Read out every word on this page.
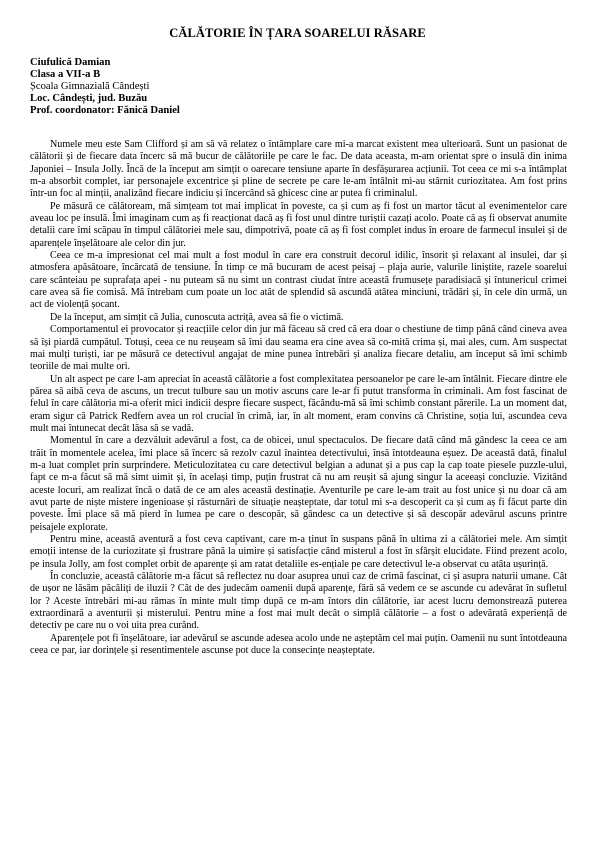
CĂLĂTORIE ÎN ȚARA SOARELUI RĂSARE
Ciufulică Damian
Clasa a VII-a B
Școala Gimnazială Cândești
Loc. Cândești, jud. Buzău
Prof. coordonator: Fănică Daniel

Numele meu este Sam Clifford și am să vă relatez o întâmplare care mi-a marcat existent mea ulterioară. Sunt un pasionat de călătorii și de fiecare data încerc să mă bucur de călătoriile pe care le fac. De data aceasta, m-am orientat spre o insulă din inima Japoniei – Insula Jolly. Încă de la început am simțit o oarecare tensiune aparte în desfășurarea acțiunii. Tot ceea ce mi s-a întâmplat m-a absorbit complet, iar personajele excentrice și pline de secrete pe care le-am întâlnit mi-au stârnit curiozitatea. Am fost prins într-un foc al minții, analizând fiecare indiciu și încercând să ghicesc cine ar putea fi criminalul.

Pe măsură ce călătoream, mă simțeam tot mai implicat în poveste, ca și cum aș fi fost un martor tăcut al evenimentelor care aveau loc pe insulă. Îmi imaginam cum aș fi reacționat dacă aș fi fost unul dintre turiștii cazați acolo. Poate că aș fi observat anumite detalii care îmi scăpau în timpul călătoriei mele sau, dimpotrivă, poate că aș fi fost complet indus în eroare de farmecul insulei și de aparențele înșelătoare ale celor din jur.

Ceea ce m-a impresionat cel mai mult a fost modul în care era construit decorul idilic, însorit și relaxant al insulei, dar și atmosfera apăsătoare, încărcată de tensiune. În timp ce mă bucuram de acest peisaj – plaja aurie, valurile liniștite, razele soarelui care scânteiau pe suprafața apei - nu puteam să nu simt un contrast ciudat între această frumusețe paradisiacă și întunericul crimei care avea să fie comisă. Mă întrebam cum poate un loc atât de splendid să ascundă atâtea minciuni, trădări și, în cele din urmă, un act de violență șocant.

De la început, am simțit că Julia, cunoscuta actriță, avea să fie o victimă.

Comportamentul ei provocator și reacțiile celor din jur mă făceau să cred că era doar o chestiune de timp până când cineva avea să își piardă cumpătul. Totuși, ceea ce nu reușeam să îmi dau seama era cine avea să co-mită crima și, mai ales, cum. Am suspectat mai mulți turiști, iar pe măsură ce detectivul angajat de mine punea întrebări și analiza fiecare detaliu, am început să îmi schimb teoriile de mai multe ori.

Un alt aspect pe care l-am apreciat în această călătorie a fost complexitatea persoanelor pe care le-am întâlnit. Fiecare dintre ele părea să aibă ceva de ascuns, un trecut tulbure sau un motiv ascuns care le-ar fi putut transforma în criminali. Am fost fascinat de felul în care călătoria mi-a oferit mici indicii despre fiecare suspect, făcându-mă să îmi schimb constant părerile. La un moment dat, eram sigur că Patrick Redfern avea un rol crucial în crimă, iar, în alt moment, eram convins că Christine, soția lui, ascundea ceva mult mai întunecat decât lăsa să se vadă.

Momentul în care a dezvăluit adevărul a fost, ca de obicei, unul spectaculos. De fiecare dată când mă gândesc la ceea ce am trăit în momentele acelea, îmi place să încerc să rezolv cazul înaintea detectivului, însă întotdeauna eșuez. De această dată, finalul m-a luat complet prin surprindere. Meticulozitatea cu care detectivul belgian a adunat și a pus cap la cap toate piesele puzzle-ului, fapt ce m-a făcut să mă simt uimit și, în același timp, puțin frustrat că nu am reușit să ajung singur la aceeași concluzie. Vizitând aceste locuri, am realizat încă o dată de ce am ales această destinație. Aventurile pe care le-am trait au fost unice și nu doar că am avut parte de niște mistere ingenioase și răsturnări de situație neașteptate, dar totul mi s-a descoperit ca și cum aș fi făcut parte din poveste. Îmi place să mă pierd în lumea pe care o descopăr, să gândesc ca un detective și să descopăr adevărul ascuns printre peisajele explorate.

Pentru mine, această aventură a fost ceva captivant, care m-a ținut în suspans până în ultima zi a călătoriei mele. Am simțit emoții intense de la curiozitate și frustrare până la uimire și satisfacție când misterul a fost în sfârșit elucidate. Fiind prezent acolo, pe insula Jolly, am fost complet orbit de aparențe și am ratat detaliile es-ențiale pe care detectivul le-a observat cu atâta ușurință.

În concluzie, această călătorie m-a făcut să reflectez nu doar asuprea unui caz de crimă fascinat, ci și asupra naturii umane. Cât de ușor ne lăsăm păcăliți de iluzii ? Cât de des judecăm oamenii după aparențe, fără să vedem ce se ascunde cu adevărat în sufletul lor ? Aceste întrebări mi-au rămas în minte mult timp după ce m-am întors din călătorie, iar acest lucru demonstrează puterea extraordinară a aventurii și misterului. Pentru mine a fost mai mult decât o simplă călătorie – a fost o adevărată experiență de detectiv pe care nu o voi uita prea curând.

Aparențele pot fi înșelătoare, iar adevărul se ascunde adesea acolo unde ne așteptăm cel mai puțin. Oamenii nu sunt întotdeauna ceea ce par, iar dorințele și resentimentele ascunse pot duce la consecințe neașteptate.
